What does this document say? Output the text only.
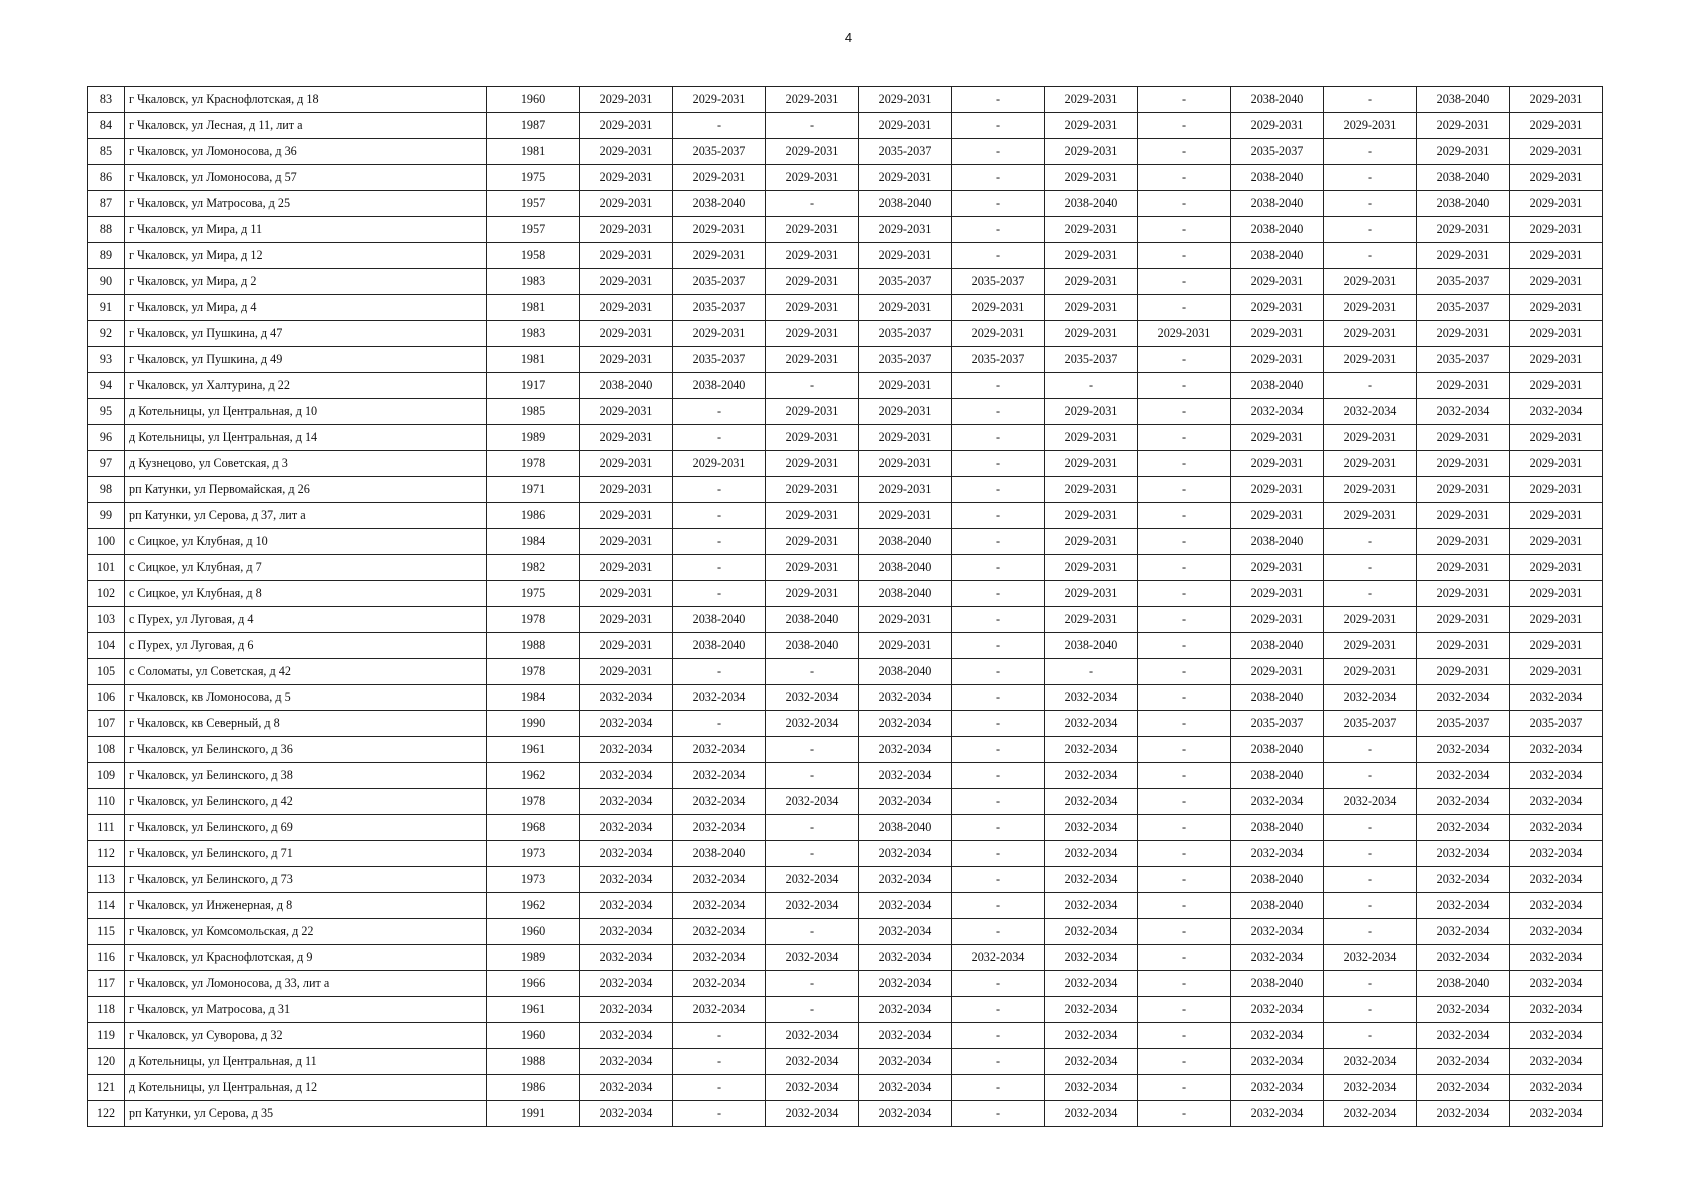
4
83	г Чкаловск, ул Краснофлотская, д 18	1960	2029-2031	2029-2031	2029-2031	2029-2031	-	2029-2031	-	2038-2040	-	2038-2040	2029-2031
84	г Чкаловск, ул Лесная, д 11, лит а	1987	2029-2031	-	-	2029-2031	-	2029-2031	-	2029-2031	2029-2031	2029-2031	2029-2031
85	г Чкаловск, ул Ломоносова, д 36	1981	2029-2031	2035-2037	2029-2031	2035-2037	-	2029-2031	-	2035-2037	-	2029-2031	2029-2031
86	г Чкаловск, ул Ломоносова, д 57	1975	2029-2031	2029-2031	2029-2031	2029-2031	-	2029-2031	-	2038-2040	-	2038-2040	2029-2031
87	г Чкаловск, ул Матросова, д 25	1957	2029-2031	2038-2040	-	2038-2040	-	2038-2040	-	2038-2040	-	2038-2040	2029-2031
88	г Чкаловск, ул Мира, д 11	1957	2029-2031	2029-2031	2029-2031	2029-2031	-	2029-2031	-	2038-2040	-	2029-2031	2029-2031
89	г Чкаловск, ул Мира, д 12	1958	2029-2031	2029-2031	2029-2031	2029-2031	-	2029-2031	-	2038-2040	-	2029-2031	2029-2031
90	г Чкаловск, ул Мира, д 2	1983	2029-2031	2035-2037	2029-2031	2035-2037	2035-2037	2029-2031	-	2029-2031	2029-2031	2035-2037	2029-2031
91	г Чкаловск, ул Мира, д 4	1981	2029-2031	2035-2037	2029-2031	2029-2031	2029-2031	2029-2031	-	2029-2031	2029-2031	2035-2037	2029-2031
92	г Чкаловск, ул Пушкина, д 47	1983	2029-2031	2029-2031	2029-2031	2035-2037	2029-2031	2029-2031	2029-2031	2029-2031	2029-2031	2029-2031	2029-2031
93	г Чкаловск, ул Пушкина, д 49	1981	2029-2031	2035-2037	2029-2031	2035-2037	2035-2037	2035-2037	-	2029-2031	2029-2031	2035-2037	2029-2031
94	г Чкаловск, ул Халтурина, д 22	1917	2038-2040	2038-2040	-	2029-2031	-	-	-	2038-2040	-	2029-2031	2029-2031
95	д Котельницы, ул Центральная, д 10	1985	2029-2031	-	2029-2031	2029-2031	-	2029-2031	-	2032-2034	2032-2034	2032-2034	2032-2034
96	д Котельницы, ул Центральная, д 14	1989	2029-2031	-	2029-2031	2029-2031	-	2029-2031	-	2029-2031	2029-2031	2029-2031	2029-2031
97	д Кузнецово, ул Советская, д 3	1978	2029-2031	2029-2031	2029-2031	2029-2031	-	2029-2031	-	2029-2031	2029-2031	2029-2031	2029-2031
98	рп Катунки, ул Первомайская, д 26	1971	2029-2031	-	2029-2031	2029-2031	-	2029-2031	-	2029-2031	2029-2031	2029-2031	2029-2031
99	рп Катунки, ул Серова, д 37, лит а	1986	2029-2031	-	2029-2031	2029-2031	-	2029-2031	-	2029-2031	2029-2031	2029-2031	2029-2031
100	с Сицкое, ул Клубная, д 10	1984	2029-2031	-	2029-2031	2038-2040	-	2029-2031	-	2038-2040	-	2029-2031	2029-2031
101	с Сицкое, ул Клубная, д 7	1982	2029-2031	-	2029-2031	2038-2040	-	2029-2031	-	2029-2031	-	2029-2031	2029-2031
102	с Сицкое, ул Клубная, д 8	1975	2029-2031	-	2029-2031	2038-2040	-	2029-2031	-	2029-2031	-	2029-2031	2029-2031
103	с Пурех, ул Луговая, д 4	1978	2029-2031	2038-2040	2038-2040	2029-2031	-	2029-2031	-	2029-2031	2029-2031	2029-2031	2029-2031
104	с Пурех, ул Луговая, д 6	1988	2029-2031	2038-2040	2038-2040	2029-2031	-	2038-2040	-	2038-2040	2029-2031	2029-2031	2029-2031
105	с Соломаты, ул Советская, д 42	1978	2029-2031	-	-	2038-2040	-	-	-	2029-2031	2029-2031	2029-2031	2029-2031
106	г Чкаловск, кв Ломоносова, д 5	1984	2032-2034	2032-2034	2032-2034	2032-2034	-	2032-2034	-	2038-2040	2032-2034	2032-2034	2032-2034
107	г Чкаловск, кв Северный, д 8	1990	2032-2034	-	2032-2034	2032-2034	-	2032-2034	-	2035-2037	2035-2037	2035-2037	2035-2037
108	г Чкаловск, ул Белинского, д 36	1961	2032-2034	2032-2034	-	2032-2034	-	2032-2034	-	2038-2040	-	2032-2034	2032-2034
109	г Чкаловск, ул Белинского, д 38	1962	2032-2034	2032-2034	-	2032-2034	-	2032-2034	-	2038-2040	-	2032-2034	2032-2034
110	г Чкаловск, ул Белинского, д 42	1978	2032-2034	2032-2034	2032-2034	2032-2034	-	2032-2034	-	2032-2034	2032-2034	2032-2034	2032-2034
111	г Чкаловск, ул Белинского, д 69	1968	2032-2034	2032-2034	-	2038-2040	-	2032-2034	-	2038-2040	-	2032-2034	2032-2034
112	г Чкаловск, ул Белинского, д 71	1973	2032-2034	2038-2040	-	2032-2034	-	2032-2034	-	2032-2034	-	2032-2034	2032-2034
113	г Чкаловск, ул Белинского, д 73	1973	2032-2034	2032-2034	2032-2034	2032-2034	-	2032-2034	-	2038-2040	-	2032-2034	2032-2034
114	г Чкаловск, ул Инженерная, д 8	1962	2032-2034	2032-2034	2032-2034	2032-2034	-	2032-2034	-	2038-2040	-	2032-2034	2032-2034
115	г Чкаловск, ул Комсомольская, д 22	1960	2032-2034	2032-2034	-	2032-2034	-	2032-2034	-	2032-2034	-	2032-2034	2032-2034
116	г Чкаловск, ул Краснофлотская, д 9	1989	2032-2034	2032-2034	2032-2034	2032-2034	2032-2034	2032-2034	-	2032-2034	2032-2034	2032-2034	2032-2034
117	г Чкаловск, ул Ломоносова, д 33, лит а	1966	2032-2034	2032-2034	-	2032-2034	-	2032-2034	-	2038-2040	-	2038-2040	2032-2034
118	г Чкаловск, ул Матросова, д 31	1961	2032-2034	2032-2034	-	2032-2034	-	2032-2034	-	2032-2034	-	2032-2034	2032-2034
119	г Чкаловск, ул Суворова, д 32	1960	2032-2034	-	2032-2034	2032-2034	-	2032-2034	-	2032-2034	-	2032-2034	2032-2034
120	д Котельницы, ул Центральная, д 11	1988	2032-2034	-	2032-2034	2032-2034	-	2032-2034	-	2032-2034	2032-2034	2032-2034	2032-2034
121	д Котельницы, ул Центральная, д 12	1986	2032-2034	-	2032-2034	2032-2034	-	2032-2034	-	2032-2034	2032-2034	2032-2034	2032-2034
122	рп Катунки, ул Серова, д 35	1991	2032-2034	-	2032-2034	2032-2034	-	2032-2034	-	2032-2034	2032-2034	2032-2034	2032-2034
